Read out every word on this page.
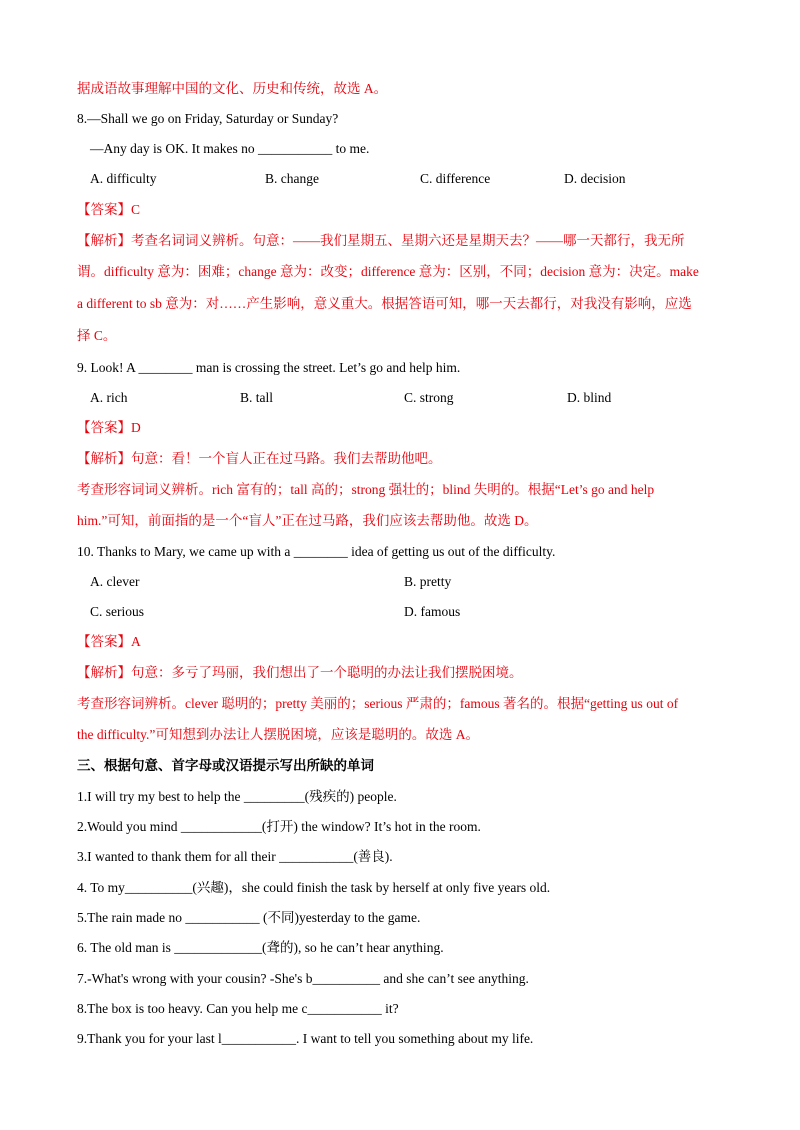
据成语故事理解中国的文化、历史和传统，故选 A。
8.—Shall we go on Friday, Saturday or Sunday?
—Any day is OK. It makes no ___________ to me.
A. difficulty	B. change	C. difference	D. decision
【答案】C
【解析】考查名词词义辨析。句意：——我们星期五、星期六还是星期天去？——哪一天都行，我无所
谓。difficulty 意为：困难；change 意为：改变；difference 意为：区别，不同；decision 意为：决定。make
a different to sb 意为：对……产生影响，意义重大。根据答语可知，哪一天去都行，对我没有影响，应选
择 C。
9. Look! A ________ man is crossing the street. Let’s go and help him.
A. rich	B. tall	C. strong	D. blind
【答案】D
【解析】句意：看！一个盲人正在过马路。我们去帮助他吧。
考查形容词词义辨析。rich 富有的；tall 高的；strong 强壮的；blind 失明的。根据“Let’s go and help
him.”可知，前面指的是一个“盲人”正在过马路，我们应该去帮助他。故选 D。
10. Thanks to Mary, we came up with a ________ idea of getting us out of the difficulty.
A. clever	B. pretty
C. serious	D. famous
【答案】A
【解析】句意：多亏了玛丽，我们想出了一个聪明的办法让我们摆脱困境。
考查形容词辨析。clever 聪明的；pretty 美丽的；serious 严肃的；famous 著名的。根据“getting us out of
the difficulty.”可知想到办法让人摆脱困境，应该是聪明的。故选 A。
三、根据句意、首字母或汉语提示写出所缺的单词
1.I will try my best to help the _________(残疾的) people.
2.Would you mind ____________(打开) the window? It’s hot in the room.
3.I wanted to thank them for all their ___________(善良).
4. To my__________(兴趣)，she could finish the task by herself at only five years old.
5.The rain made no ___________ (不同)yesterday to the game.
6. The old man is _____________(聋的), so he can’t hear anything.
7.-What's wrong with your cousin? -She's b__________ and she can’t see anything.
8.The box is too heavy. Can you help me c___________ it?
9.Thank you for your last l___________. I want to tell you something about my life.
